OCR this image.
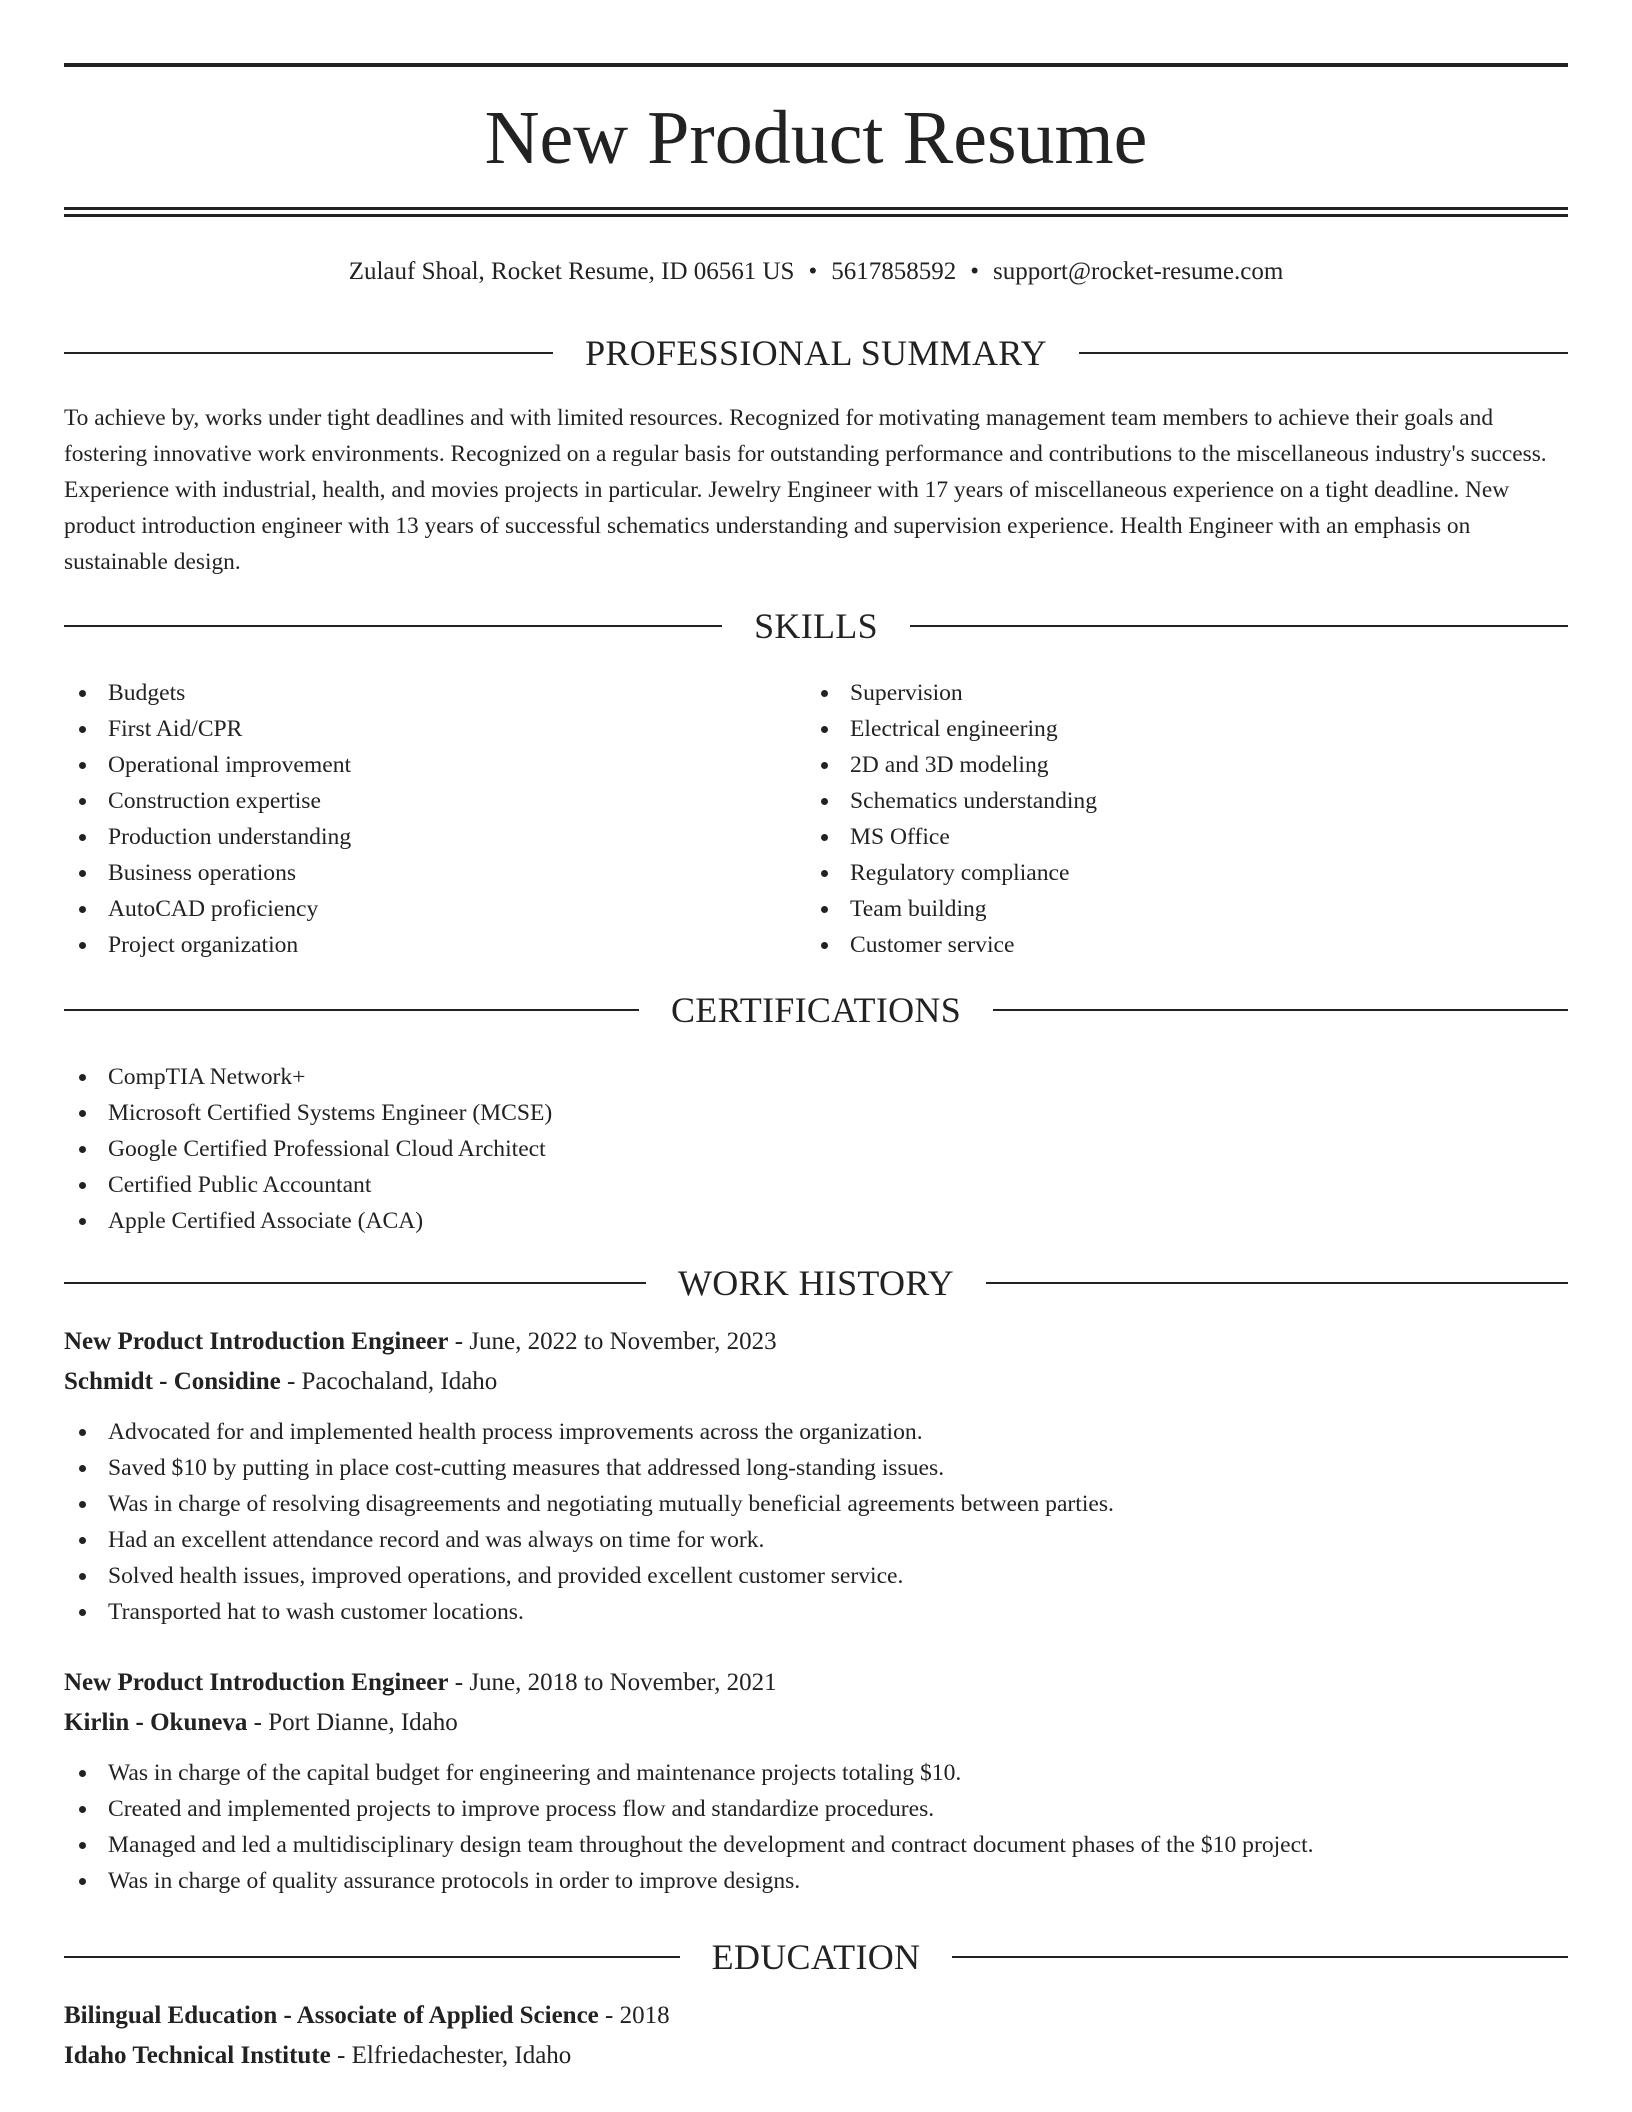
New Product Resume
Zulauf Shoal, Rocket Resume, ID 06561 US • 5617858592 • support@rocket-resume.com
PROFESSIONAL SUMMARY

To achieve by, works under tight deadlines and with limited resources. Recognized for motivating management team members to achieve their goals and fostering innovative work environments. Recognized on a regular basis for outstanding performance and contributions to the miscellaneous industry's success. Experience with industrial, health, and movies projects in particular. Jewelry Engineer with 17 years of miscellaneous experience on a tight deadline. New product introduction engineer with 13 years of successful schematics understanding and supervision experience. Health Engineer with an emphasis on sustainable design.

SKILLS
Budgets
First Aid/CPR
Operational improvement
Construction expertise
Production understanding
Business operations
AutoCAD proficiency
Project organization
Supervision
Electrical engineering
2D and 3D modeling
Schematics understanding
MS Office
Regulatory compliance
Team building
Customer service
CERTIFICATIONS
CompTIA Network+
Microsoft Certified Systems Engineer (MCSE)
Google Certified Professional Cloud Architect
Certified Public Accountant
Apple Certified Associate (ACA)
WORK HISTORY
New Product Introduction Engineer - June, 2022 to November, 2023
Schmidt - Considine - Pacochaland, Idaho
Advocated for and implemented health process improvements across the organization.
Saved $10 by putting in place cost-cutting measures that addressed long-standing issues.
Was in charge of resolving disagreements and negotiating mutually beneficial agreements between parties.
Had an excellent attendance record and was always on time for work.
Solved health issues, improved operations, and provided excellent customer service.
Transported hat to wash customer locations.
New Product Introduction Engineer - June, 2018 to November, 2021
Kirlin - Okuneva - Port Dianne, Idaho
Was in charge of the capital budget for engineering and maintenance projects totaling $10.
Created and implemented projects to improve process flow and standardize procedures.
Managed and led a multidisciplinary design team throughout the development and contract document phases of the $10 project.
Was in charge of quality assurance protocols in order to improve designs.
EDUCATION
Bilingual Education - Associate of Applied Science - 2018
Idaho Technical Institute - Elfriedachester, Idaho
